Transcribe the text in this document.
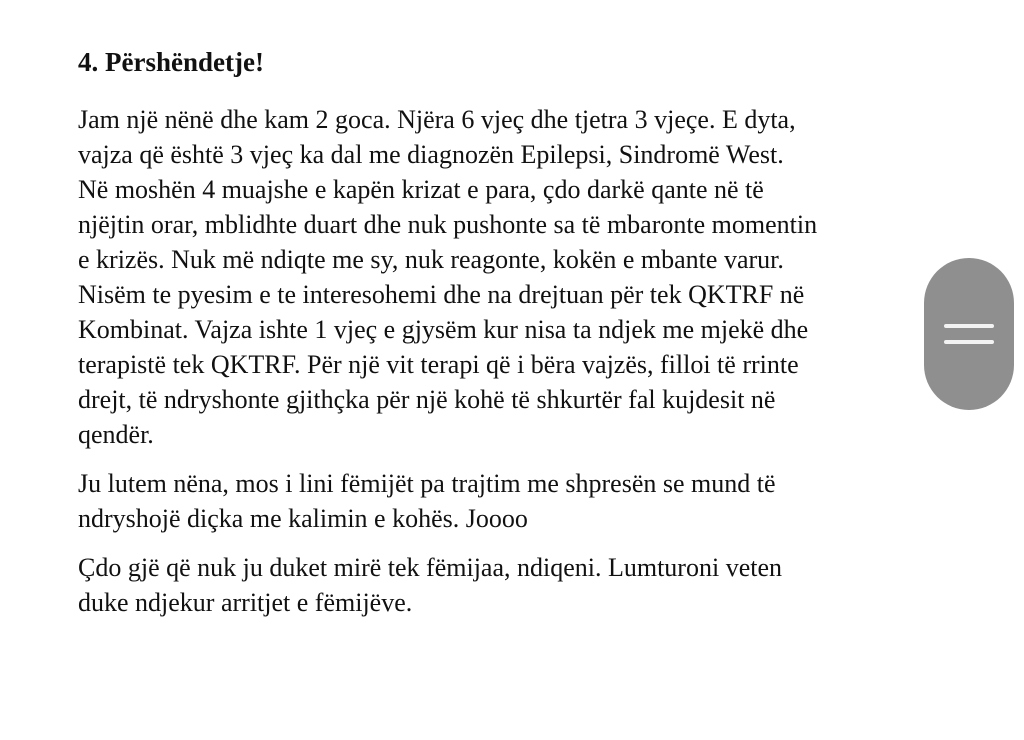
4. Përshëndetje!

Jam një nënë dhe kam 2 goca. Njëra 6 vjeç dhe tjetra 3 vjeçe. E dyta,
vajza që është 3 vjeç ka dal me diagnozën Epilepsi, Sindromë West.
Në moshën 4 muajshe e kapën krizat e para, çdo darkë qante në të
njëjtin orar, mblidhte duart dhe nuk pushonte sa të mbaronte momentin
e krizës. Nuk më ndiqte me sy, nuk reagonte, kokën e mbante varur.
Nisëm te pyesim e te interesohemi dhe na drejtuan për tek QKTRF në
Kombinat. Vajza ishte 1 vjeç e gjysëm kur nisa ta ndjek me mjekë dhe
terapistë tek QKTRF. Për një vit terapi që i bëra vajzës, filloi të rrinte
drejt, të ndryshonte gjithçka për një kohë të shkurtër fal kujdesit në
qendër.

Ju lutem nëna, mos i lini fëmijët pa trajtim me shpresën se mund të
ndryshojë diçka me kalimin e kohës. Joooo

Çdo gjë që nuk ju duket mirë tek fëmijaa, ndiqeni. Lumturoni veten
duke ndjekur arritjet e fëmijëve.
